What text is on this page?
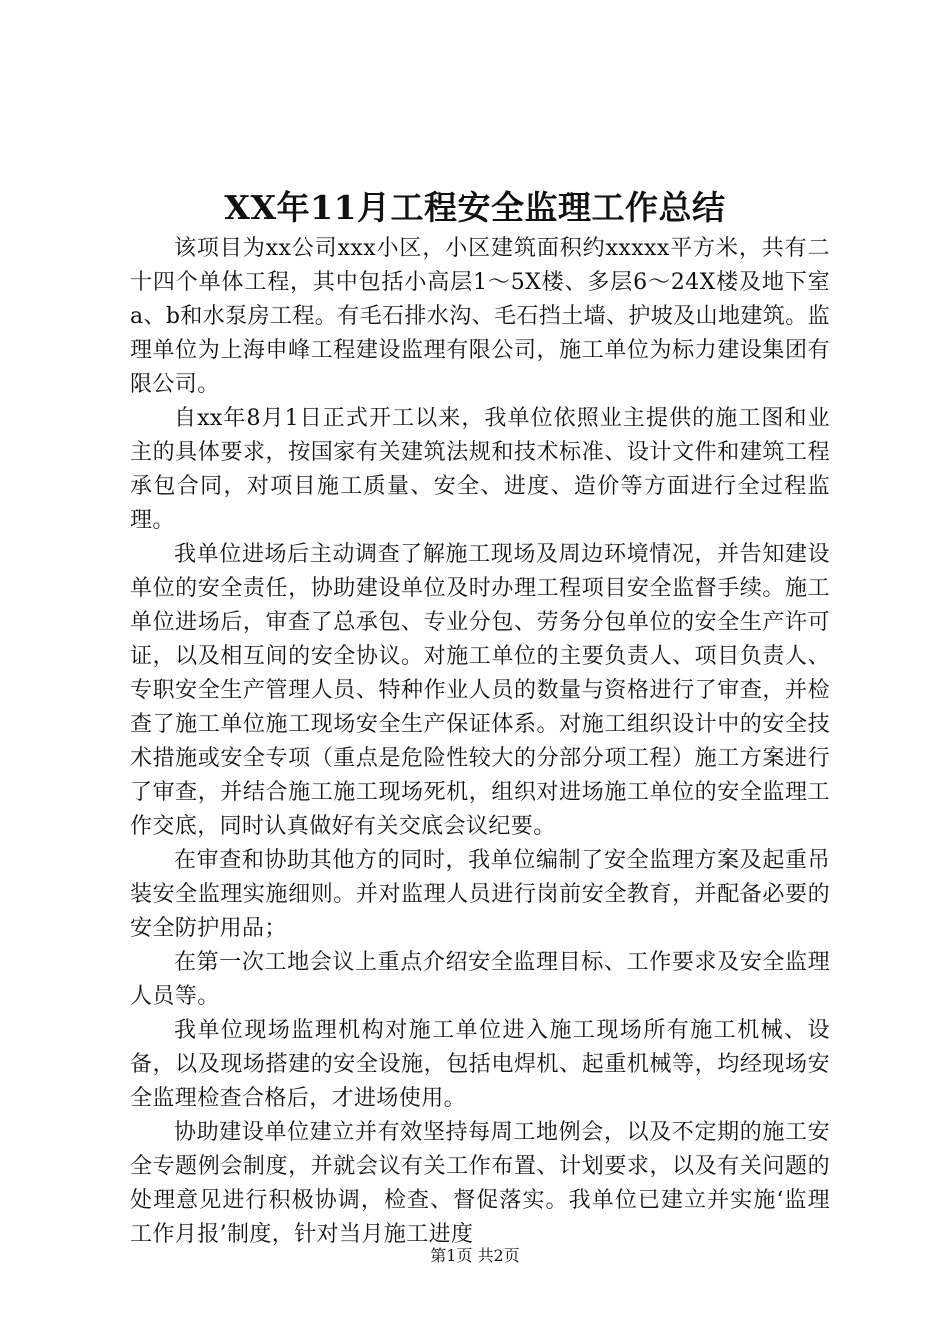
XX年11月工程安全监理工作总结

该项目为xx公司xxx小区，小区建筑面积约xxxxx平方米，共有二十四个单体工程，其中包括小高层1～5X楼、多层6～24X楼及地下室a、b和水泵房工程。有毛石排水沟、毛石挡土墙、护坡及山地建筑。监理单位为上海申峰工程建设监理有限公司，施工单位为标力建设集团有限公司。

自xx年8月1日正式开工以来，我单位依照业主提供的施工图和业主的具体要求，按国家有关建筑法规和技术标准、设计文件和建筑工程承包合同，对项目施工质量、安全、进度、造价等方面进行全过程监理。

我单位进场后主动调查了解施工现场及周边环境情况，并告知建设单位的安全责任，协助建设单位及时办理工程项目安全监督手续。施工单位进场后，审查了总承包、专业分包、劳务分包单位的安全生产许可证，以及相互间的安全协议。对施工单位的主要负责人、项目负责人、专职安全生产管理人员、特种作业人员的数量与资格进行了审查，并检查了施工单位施工现场安全生产保证体系。对施工组织设计中的安全技术措施或安全专项（重点是危险性较大的分部分项工程）施工方案进行了审查，并结合施工施工现场死机，组织对进场施工单位的安全监理工作交底，同时认真做好有关交底会议纪要。

在审查和协助其他方的同时，我单位编制了安全监理方案及起重吊装安全监理实施细则。并对监理人员进行岗前安全教育，并配备必要的安全防护用品；

在第一次工地会议上重点介绍安全监理目标、工作要求及安全监理人员等。

我单位现场监理机构对施工单位进入施工现场所有施工机械、设备，以及现场搭建的安全设施，包括电焊机、起重机械等，均经现场安全监理检查合格后，才进场使用。

协助建设单位建立并有效坚持每周工地例会，以及不定期的施工安全专题例会制度，并就会议有关工作布置、计划要求，以及有关问题的处理意见进行积极协调，检查、督促落实。我单位已建立并实施‘监理工作月报’制度，针对当月施工进度

第1页 共2页
